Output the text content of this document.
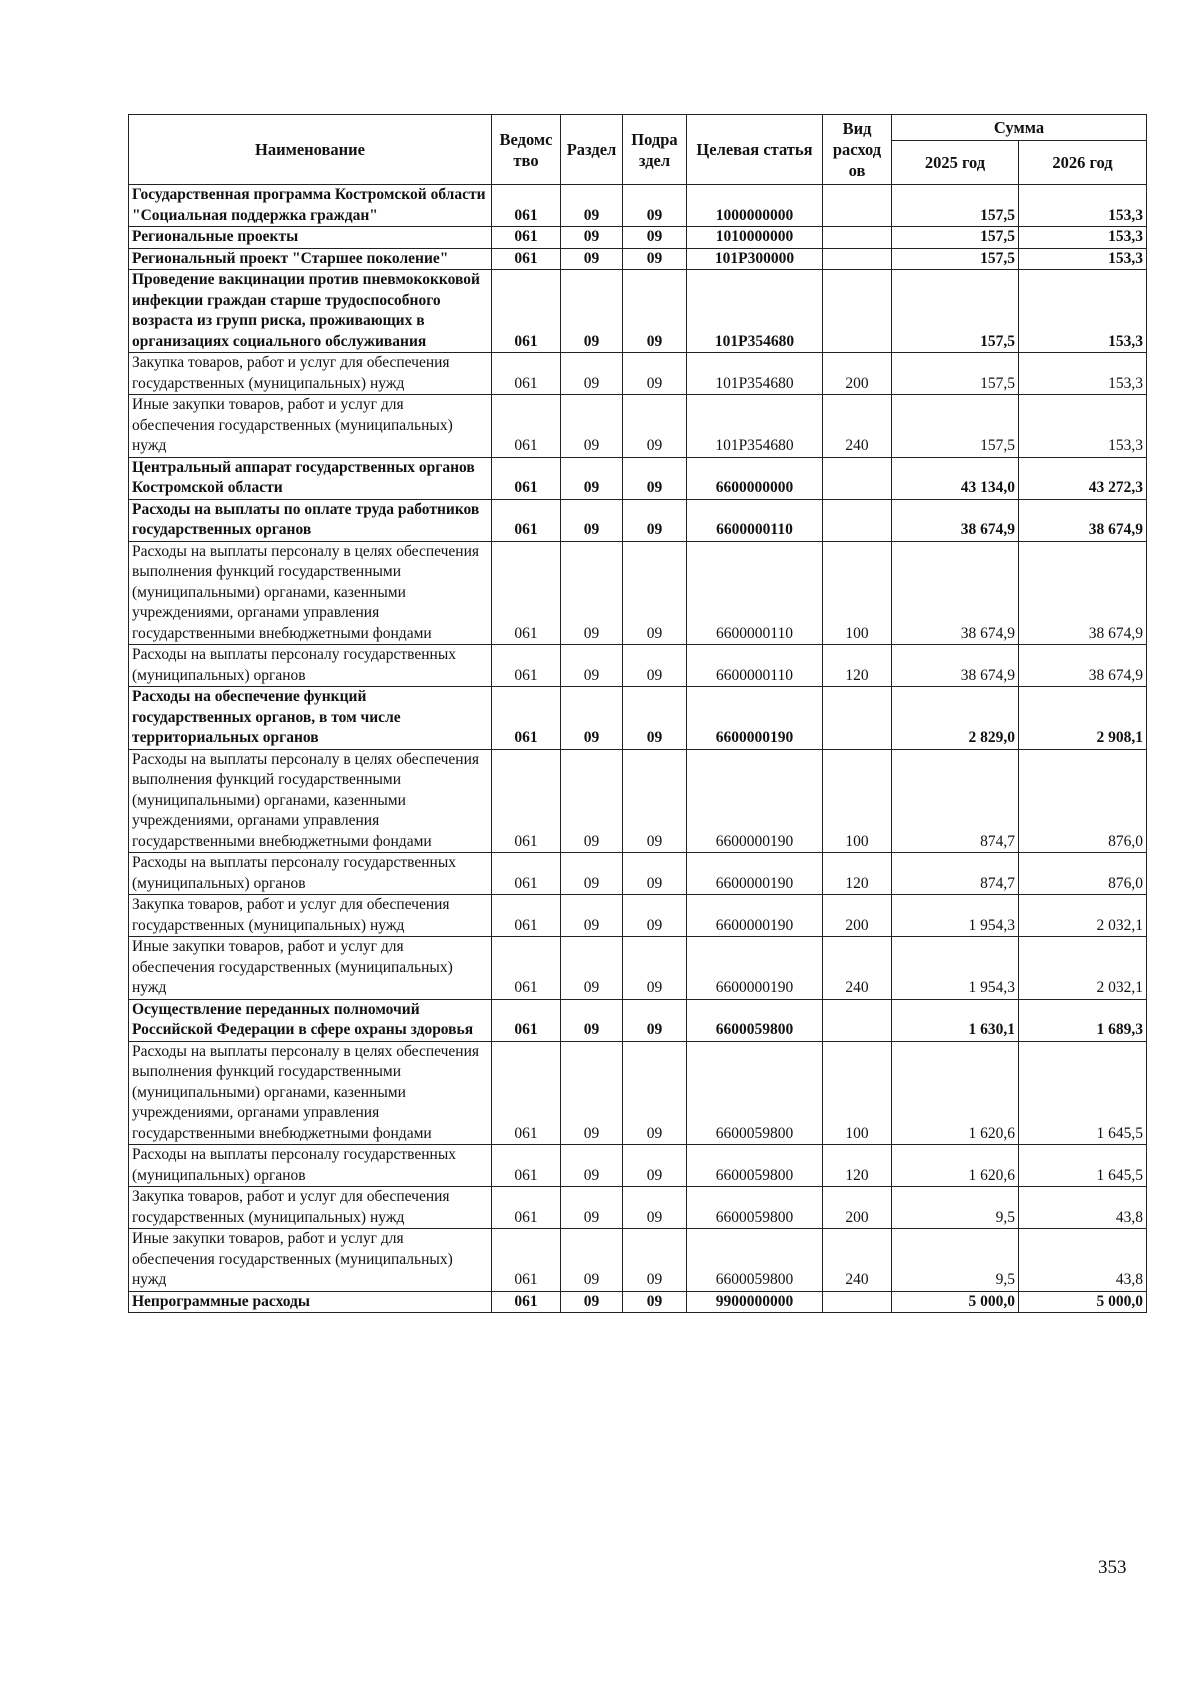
Наименование	Ведомс тво	Раздел	Подра здел	Целевая статья	Вид расход ов	Сумма	
						2025 год	2026 год
Государственная программа Костромской области "Социальная поддержка граждан"	061	09	09	1000000000		157,5	153,3
Региональные проекты	061	09	09	1010000000		157,5	153,3
Региональный проект "Старшее поколение"	061	09	09	101P300000		157,5	153,3
Проведение вакцинации против пневмококковой инфекции граждан старше трудоспособного возраста из групп риска, проживающих в организациях социального обслуживания	061	09	09	101P354680		157,5	153,3
Закупка товаров, работ и услуг для обеспечения государственных (муниципальных) нужд	061	09	09	101P354680	200	157,5	153,3
Иные закупки товаров, работ и услуг для обеспечения государственных (муниципальных) нужд	061	09	09	101P354680	240	157,5	153,3
Центральный аппарат государственных органов Костромской области	061	09	09	6600000000		43 134,0	43 272,3
Расходы на выплаты по оплате труда работников государственных органов	061	09	09	6600000110		38 674,9	38 674,9
Расходы на выплаты персоналу в целях обеспечения выполнения функций государственными (муниципальными) органами, казенными учреждениями, органами управления государственными внебюджетными фондами	061	09	09	6600000110	100	38 674,9	38 674,9
Расходы на выплаты персоналу государственных (муниципальных) органов	061	09	09	6600000110	120	38 674,9	38 674,9
Расходы на обеспечение функций государственных органов, в том числе территориальных органов	061	09	09	6600000190		2 829,0	2 908,1
Расходы на выплаты персоналу в целях обеспечения выполнения функций государственными (муниципальными) органами, казенными учреждениями, органами управления государственными внебюджетными фондами	061	09	09	6600000190	100	874,7	876,0
Расходы на выплаты персоналу государственных (муниципальных) органов	061	09	09	6600000190	120	874,7	876,0
Закупка товаров, работ и услуг для обеспечения государственных (муниципальных) нужд	061	09	09	6600000190	200	1 954,3	2 032,1
Иные закупки товаров, работ и услуг для обеспечения государственных (муниципальных) нужд	061	09	09	6600000190	240	1 954,3	2 032,1
Осуществление переданных полномочий Российской Федерации в сфере охраны здоровья	061	09	09	6600059800		1 630,1	1 689,3
Расходы на выплаты персоналу в целях обеспечения выполнения функций государственными (муниципальными) органами, казенными учреждениями, органами управления государственными внебюджетными фондами	061	09	09	6600059800	100	1 620,6	1 645,5
Расходы на выплаты персоналу государственных (муниципальных) органов	061	09	09	6600059800	120	1 620,6	1 645,5
Закупка товаров, работ и услуг для обеспечения государственных (муниципальных) нужд	061	09	09	6600059800	200	9,5	43,8
Иные закупки товаров, работ и услуг для обеспечения государственных (муниципальных) нужд	061	09	09	6600059800	240	9,5	43,8
Непрограммные расходы	061	09	09	9900000000		5 000,0	5 000,0
353
